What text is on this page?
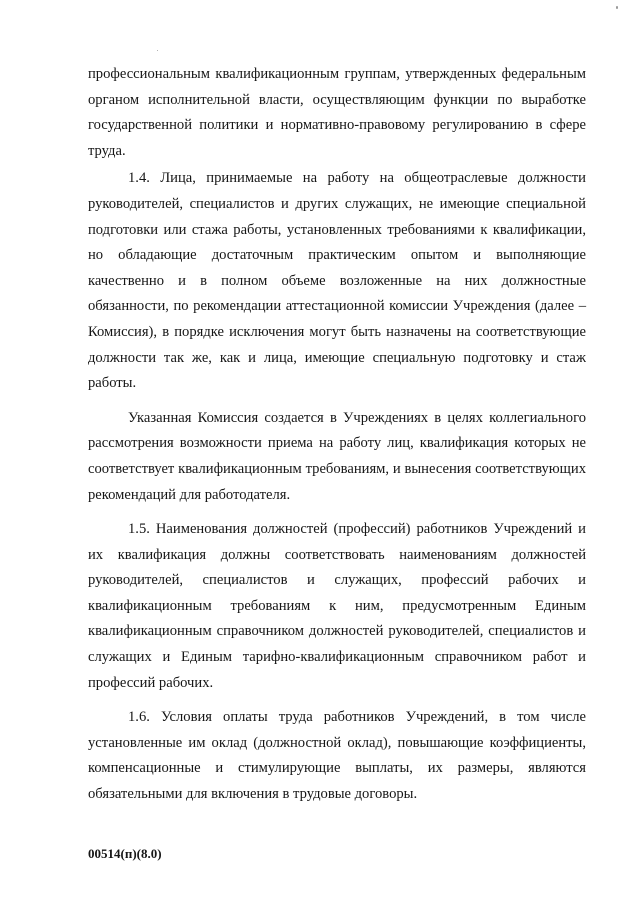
профессиональным квалификационным группам, утвержденных федеральным органом исполнительной власти, осуществляющим функции по выработке государственной политики и нормативно-правовому регулированию в сфере труда.

1.4. Лица, принимаемые на работу на общеотраслевые должности руководителей, специалистов и других служащих, не имеющие специальной подготовки или стажа работы, установленных требованиями к квалификации, но обладающие достаточным практическим опытом и выполняющие качественно и в полном объеме возложенные на них должностные обязанности, по рекомендации аттестационной комиссии Учреждения (далее – Комиссия), в порядке исключения могут быть назначены на соответствующие должности так же, как и лица, имеющие специальную подготовку и стаж работы.

Указанная Комиссия создается в Учреждениях в целях коллегиального рассмотрения возможности приема на работу лиц, квалификация которых не соответствует квалификационным требованиям, и вынесения соответствующих рекомендаций для работодателя.

1.5. Наименования должностей (профессий) работников Учреждений и их квалификация должны соответствовать наименованиям должностей руководителей, специалистов и служащих, профессий рабочих и квалификационным требованиям к ним, предусмотренным Единым квалификационным справочником должностей руководителей, специалистов и служащих и Единым тарифно-квалификационным справочником работ и профессий рабочих.

1.6. Условия оплаты труда работников Учреждений, в том числе установленные им оклад (должностной оклад), повышающие коэффициенты, компенсационные и стимулирующие выплаты, их размеры, являются обязательными для включения в трудовые договоры.

00514(п)(8.0)
